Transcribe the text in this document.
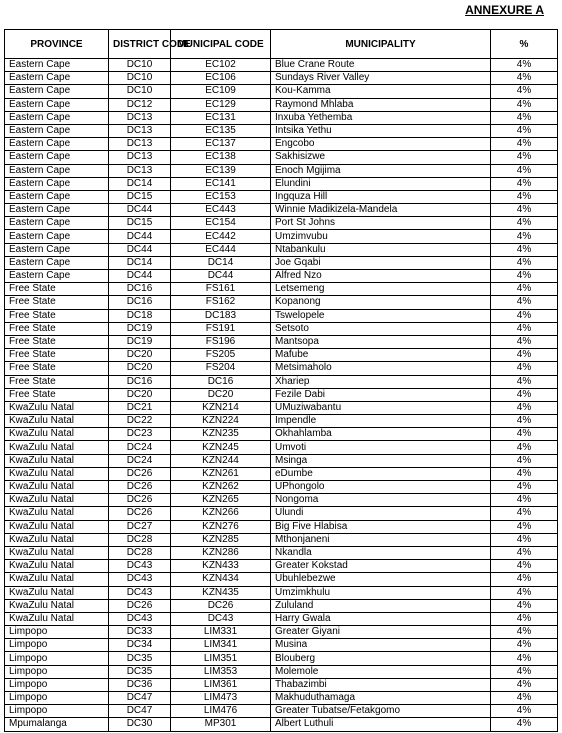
ANNEXURE A
PROVINCE	DISTRICT CODE	MUNICIPAL CODE	MUNICIPALITY	%
Eastern Cape	DC10	EC102	Blue Crane Route	4%
Eastern Cape	DC10	EC106	Sundays River Valley	4%
Eastern Cape	DC10	EC109	Kou-Kamma	4%
Eastern Cape	DC12	EC129	Raymond Mhlaba	4%
Eastern Cape	DC13	EC131	Inxuba Yethemba	4%
Eastern Cape	DC13	EC135	Intsika Yethu	4%
Eastern Cape	DC13	EC137	Engcobo	4%
Eastern Cape	DC13	EC138	Sakhisizwe	4%
Eastern Cape	DC13	EC139	Enoch Mgijima	4%
Eastern Cape	DC14	EC141	Elundini	4%
Eastern Cape	DC15	EC153	Ingquza Hill	4%
Eastern Cape	DC44	EC443	Winnie Madikizela-Mandela	4%
Eastern Cape	DC15	EC154	Port St Johns	4%
Eastern Cape	DC44	EC442	Umzimvubu	4%
Eastern Cape	DC44	EC444	Ntabankulu	4%
Eastern Cape	DC14	DC14	Joe Gqabi	4%
Eastern Cape	DC44	DC44	Alfred Nzo	4%
Free State	DC16	FS161	Letsemeng	4%
Free State	DC16	FS162	Kopanong	4%
Free State	DC18	DC183	Tswelopele	4%
Free State	DC19	FS191	Setsoto	4%
Free State	DC19	FS196	Mantsopa	4%
Free State	DC20	FS205	Mafube	4%
Free State	DC20	FS204	Metsimaholo	4%
Free State	DC16	DC16	Xhariep	4%
Free State	DC20	DC20	Fezile Dabi	4%
KwaZulu Natal	DC21	KZN214	UMuziwabantu	4%
KwaZulu Natal	DC22	KZN224	Impendle	4%
KwaZulu Natal	DC23	KZN235	Okhahlamba	4%
KwaZulu Natal	DC24	KZN245	Umvoti	4%
KwaZulu Natal	DC24	KZN244	Msinga	4%
KwaZulu Natal	DC26	KZN261	eDumbe	4%
KwaZulu Natal	DC26	KZN262	UPhongolo	4%
KwaZulu Natal	DC26	KZN265	Nongoma	4%
KwaZulu Natal	DC26	KZN266	Ulundi	4%
KwaZulu Natal	DC27	KZN276	Big Five Hlabisa	4%
KwaZulu Natal	DC28	KZN285	Mthonjaneni	4%
KwaZulu Natal	DC28	KZN286	Nkandla	4%
KwaZulu Natal	DC43	KZN433	Greater Kokstad	4%
KwaZulu Natal	DC43	KZN434	Ubuhlebezwe	4%
KwaZulu Natal	DC43	KZN435	Umzimkhulu	4%
KwaZulu Natal	DC26	DC26	Zululand	4%
KwaZulu Natal	DC43	DC43	Harry Gwala	4%
Limpopo	DC33	LIM331	Greater Giyani	4%
Limpopo	DC34	LIM341	Musina	4%
Limpopo	DC35	LIM351	Blouberg	4%
Limpopo	DC35	LIM353	Molemole	4%
Limpopo	DC36	LIM361	Thabazimbi	4%
Limpopo	DC47	LIM473	Makhuduthamaga	4%
Limpopo	DC47	LIM476	Greater Tubatse/Fetakgomo	4%
Mpumalanga	DC30	MP301	Albert Luthuli	4%
